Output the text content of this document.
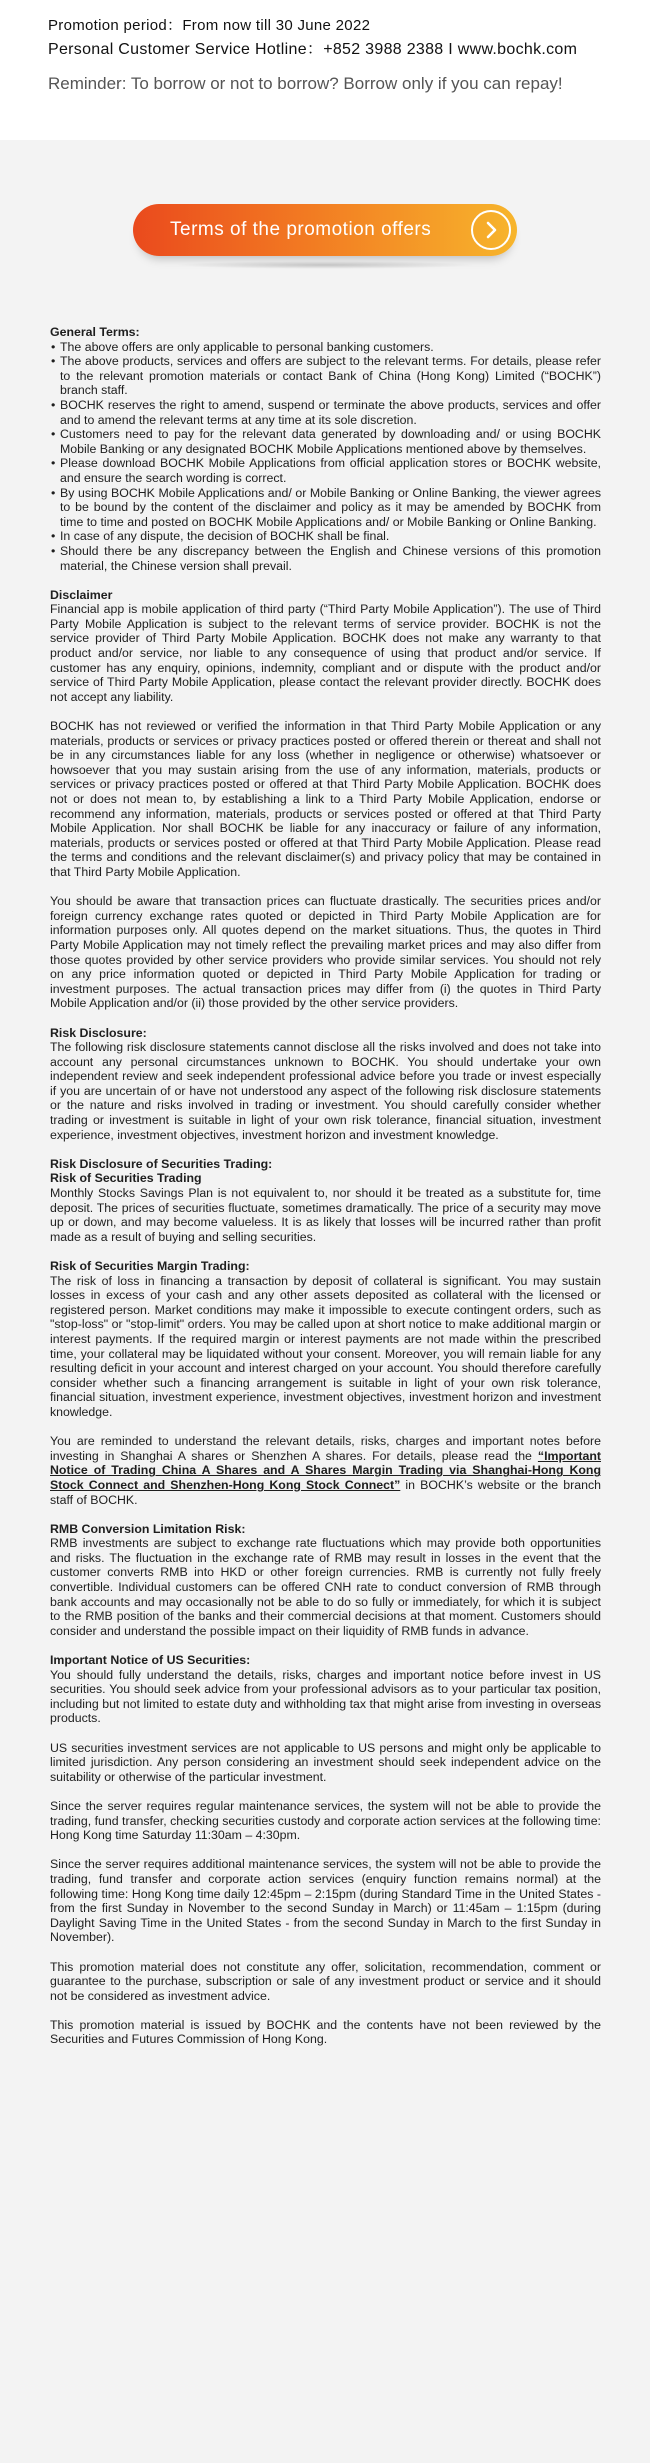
Promotion period：From now till 30 June 2022
Personal Customer Service Hotline：+852 3988 2388 I www.bochk.com
Reminder: To borrow or not to borrow? Borrow only if you can repay!
Terms of the promotion offers
General Terms:
• The above offers are only applicable to personal banking customers.
• The above products, services and offers are subject to the relevant terms. For details, please refer to the relevant promotion materials or contact Bank of China (Hong Kong) Limited (“BOCHK”) branch staff.
• BOCHK reserves the right to amend, suspend or terminate the above products, services and offer and to amend the relevant terms at any time at its sole discretion.
• Customers need to pay for the relevant data generated by downloading and/ or using BOCHK Mobile Banking or any designated BOCHK Mobile Applications mentioned above by themselves.
• Please download BOCHK Mobile Applications from official application stores or BOCHK website, and ensure the search wording is correct.
• By using BOCHK Mobile Applications and/ or Mobile Banking or Online Banking, the viewer agrees to be bound by the content of the disclaimer and policy as it may be amended by BOCHK from time to time and posted on BOCHK Mobile Applications and/ or Mobile Banking or Online Banking.
• In case of any dispute, the decision of BOCHK shall be final.
• Should there be any discrepancy between the English and Chinese versions of this promotion material, the Chinese version shall prevail.
Disclaimer

Financial app is mobile application of third party (“Third Party Mobile Application”). The use of Third Party Mobile Application is subject to the relevant terms of service provider. BOCHK is not the service provider of Third Party Mobile Application. BOCHK does not make any warranty to that product and/or service, nor liable to any consequence of using that product and/or service. If customer has any enquiry, opinions, indemnity, compliant and or dispute with the product and/or service of Third Party Mobile Application, please contact the relevant provider directly. BOCHK does not accept any liability.

BOCHK has not reviewed or verified the information in that Third Party Mobile Application or any materials, products or services or privacy practices posted or offered therein or thereat and shall not be in any circumstances liable for any loss (whether in negligence or otherwise) whatsoever or howsoever that you may sustain arising from the use of any information, materials, products or services or privacy practices posted or offered at that Third Party Mobile Application. BOCHK does not or does not mean to, by establishing a link to a Third Party Mobile Application, endorse or recommend any information, materials, products or services posted or offered at that Third Party Mobile Application. Nor shall BOCHK be liable for any inaccuracy or failure of any information, materials, products or services posted or offered at that Third Party Mobile Application. Please read the terms and conditions and the relevant disclaimer(s) and privacy policy that may be contained in that Third Party Mobile Application.

You should be aware that transaction prices can fluctuate drastically. The securities prices and/or foreign currency exchange rates quoted or depicted in Third Party Mobile Application are for information purposes only. All quotes depend on the market situations. Thus, the quotes in Third Party Mobile Application may not timely reflect the prevailing market prices and may also differ from those quotes provided by other service providers who provide similar services. You should not rely on any price information quoted or depicted in Third Party Mobile Application for trading or investment purposes. The actual transaction prices may differ from (i) the quotes in Third Party Mobile Application and/or (ii) those provided by the other service providers.

Risk Disclosure:

The following risk disclosure statements cannot disclose all the risks involved and does not take into account any personal circumstances unknown to BOCHK. You should undertake your own independent review and seek independent professional advice before you trade or invest especially if you are uncertain of or have not understood any aspect of the following risk disclosure statements or the nature and risks involved in trading or investment. You should carefully consider whether trading or investment is suitable in light of your own risk tolerance, financial situation, investment experience, investment objectives, investment horizon and investment knowledge.

Risk Disclosure of Securities Trading:
Risk of Securities Trading

Monthly Stocks Savings Plan is not equivalent to, nor should it be treated as a substitute for, time deposit. The prices of securities fluctuate, sometimes dramatically. The price of a security may move up or down, and may become valueless. It is as likely that losses will be incurred rather than profit made as a result of buying and selling securities.

Risk of Securities Margin Trading:

The risk of loss in financing a transaction by deposit of collateral is significant. You may sustain losses in excess of your cash and any other assets deposited as collateral with the licensed or registered person. Market conditions may make it impossible to execute contingent orders, such as "stop-loss" or "stop-limit" orders. You may be called upon at short notice to make additional margin or interest payments. If the required margin or interest payments are not made within the prescribed time, your collateral may be liquidated without your consent. Moreover, you will remain liable for any resulting deficit in your account and interest charged on your account. You should therefore carefully consider whether such a financing arrangement is suitable in light of your own risk tolerance, financial situation, investment experience, investment objectives, investment horizon and investment knowledge.

You are reminded to understand the relevant details, risks, charges and important notes before investing in Shanghai A shares or Shenzhen A shares. For details, please read the “Important Notice of Trading China A Shares and A Shares Margin Trading via Shanghai-Hong Kong Stock Connect and Shenzhen-Hong Kong Stock Connect” in BOCHK’s website or the branch staff of BOCHK.

RMB Conversion Limitation Risk:

RMB investments are subject to exchange rate fluctuations which may provide both opportunities and risks. The fluctuation in the exchange rate of RMB may result in losses in the event that the customer converts RMB into HKD or other foreign currencies. RMB is currently not fully freely convertible. Individual customers can be offered CNH rate to conduct conversion of RMB through bank accounts and may occasionally not be able to do so fully or immediately, for which it is subject to the RMB position of the banks and their commercial decisions at that moment. Customers should consider and understand the possible impact on their liquidity of RMB funds in advance.

Important Notice of US Securities:

You should fully understand the details, risks, charges and important notice before invest in US securities. You should seek advice from your professional advisors as to your particular tax position, including but not limited to estate duty and withholding tax that might arise from investing in overseas products.

US securities investment services are not applicable to US persons and might only be applicable to limited jurisdiction. Any person considering an investment should seek independent advice on the suitability or otherwise of the particular investment.

Since the server requires regular maintenance services, the system will not be able to provide the trading, fund transfer, checking securities custody and corporate action services at the following time: Hong Kong time Saturday 11:30am – 4:30pm.

Since the server requires additional maintenance services, the system will not be able to provide the trading, fund transfer and corporate action services (enquiry function remains normal) at the following time: Hong Kong time daily 12:45pm – 2:15pm (during Standard Time in the United States - from the first Sunday in November to the second Sunday in March) or 11:45am – 1:15pm (during Daylight Saving Time in the United States - from the second Sunday in March to the first Sunday in November).

This promotion material does not constitute any offer, solicitation, recommendation, comment or guarantee to the purchase, subscription or sale of any investment product or service and it should not be considered as investment advice.

This promotion material is issued by BOCHK and the contents have not been reviewed by the Securities and Futures Commission of Hong Kong.
